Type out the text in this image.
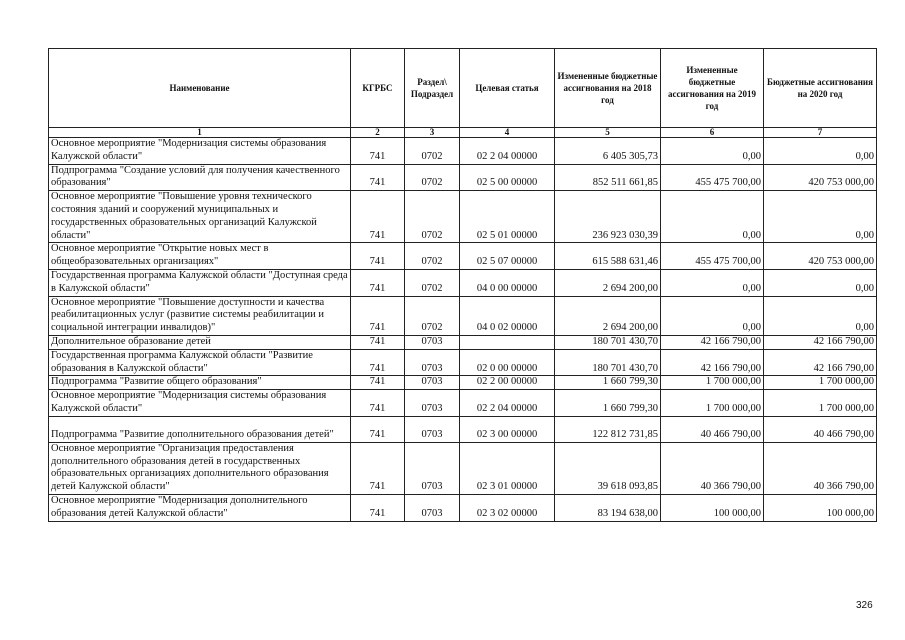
Наименование	КГРБС	Раздел\ Подраздел	Целевая статья	Измененные бюджетные ассигнования на 2018 год	Измененные бюджетные ассигнования на 2019 год	Бюджетные ассигнования на 2020 год
1	2	3	4	5	6	7
Основное мероприятие "Модернизация системы образования Калужской области"	741	0702	02 2 04 00000	6 405 305,73	0,00	0,00
Подпрограмма "Создание условий для получения качественного образования"	741	0702	02 5 00 00000	852 511 661,85	455 475 700,00	420 753 000,00
Основное мероприятие "Повышение уровня технического состояния зданий и сооружений муниципальных и государственных образовательных организаций Калужской области"	741	0702	02 5 01 00000	236 923 030,39	0,00	0,00
Основное мероприятие "Открытие новых мест в общеобразовательных организациях"	741	0702	02 5 07 00000	615 588 631,46	455 475 700,00	420 753 000,00
Государственная программа Калужской области "Доступная среда в Калужской области"	741	0702	04 0 00 00000	2 694 200,00	0,00	0,00
Основное мероприятие "Повышение доступности и качества реабилитационных услуг (развитие системы реабилитации и социальной интеграции инвалидов)"	741	0702	04 0 02 00000	2 694 200,00	0,00	0,00
Дополнительное образование детей	741	0703		180 701 430,70	42 166 790,00	42 166 790,00
Государственная программа Калужской области "Развитие образования в Калужской области"	741	0703	02 0 00 00000	180 701 430,70	42 166 790,00	42 166 790,00
Подпрограмма "Развитие общего образования"	741	0703	02 2 00 00000	1 660 799,30	1 700 000,00	1 700 000,00
Основное мероприятие "Модернизация системы образования Калужской области"	741	0703	02 2 04 00000	1 660 799,30	1 700 000,00	1 700 000,00
Подпрограмма "Развитие дополнительного образования детей"	741	0703	02 3 00 00000	122 812 731,85	40 466 790,00	40 466 790,00
Основное мероприятие "Организация предоставления дополнительного образования детей в государственных образовательных организациях дополнительного образования детей Калужской области"	741	0703	02 3 01 00000	39 618 093,85	40 366 790,00	40 366 790,00
Основное мероприятие "Модернизация дополнительного образования детей Калужской области"	741	0703	02 3 02 00000	83 194 638,00	100 000,00	100 000,00
326
